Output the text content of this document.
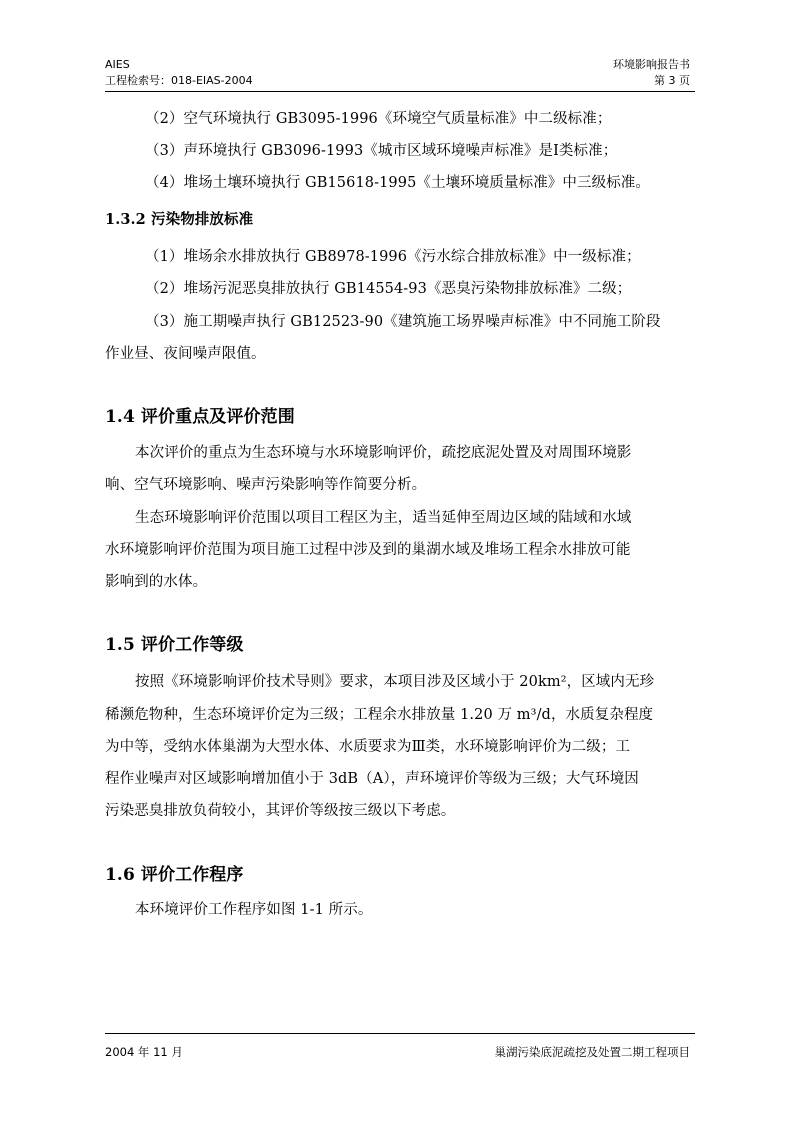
AIES
工程检索号：018-EIAS-2004
环境影响报告书
第 3 页
（2）空气环境执行 GB3095-1996《环境空气质量标准》中二级标准；
（3）声环境执行 GB3096-1993《城市区域环境噪声标准》是Ⅰ类标准；
（4）堆场土壤环境执行 GB15618-1995《土壤环境质量标准》中三级标准。
1.3.2 污染物排放标准
（1）堆场余水排放执行 GB8978-1996《污水综合排放标准》中一级标准；
（2）堆场污泥恶臭排放执行 GB14554-93《恶臭污染物排放标准》二级；
（3）施工期噪声执行 GB12523-90《建筑施工场界噪声标准》中不同施工阶段
作业昼、夜间噪声限值。
1.4 评价重点及评价范围
本次评价的重点为生态环境与水环境影响评价，疏挖底泥处置及对周围环境影
响、空气环境影响、噪声污染影响等作简要分析。
生态环境影响评价范围以项目工程区为主，适当延伸至周边区域的陆域和水域
水环境影响评价范围为项目施工过程中涉及到的巢湖水域及堆场工程余水排放可能
影响到的水体。
1.5 评价工作等级
按照《环境影响评价技术导则》要求，本项目涉及区域小于 20km²，区域内无珍
稀濒危物种，生态环境评价定为三级；工程余水排放量 1.20 万 m³/d，水质复杂程度
为中等，受纳水体巢湖为大型水体、水质要求为Ⅲ类，水环境影响评价为二级；工
程作业噪声对区域影响增加值小于 3dB（A），声环境评价等级为三级；大气环境因
污染恶臭排放负荷较小，其评价等级按三级以下考虑。
1.6 评价工作程序
本环境评价工作程序如图 1-1 所示。
2004 年 11 月	巢湖污染底泥疏挖及处置二期工程项目
